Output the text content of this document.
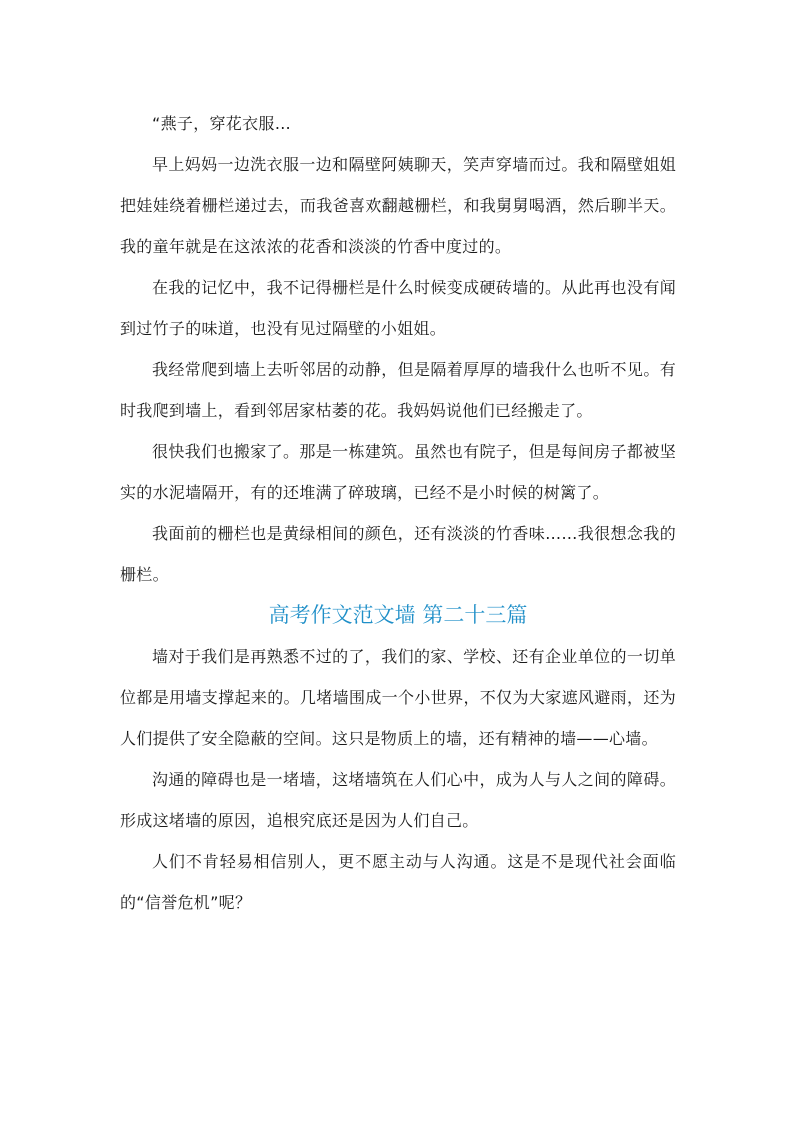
“燕子，穿花衣服…

早上妈妈一边洗衣服一边和隔壁阿姨聊天，笑声穿墙而过。我和隔壁姐姐把娃娃绕着栅栏递过去，而我爸喜欢翻越栅栏，和我舅舅喝酒，然后聊半天。我的童年就是在这浓浓的花香和淡淡的竹香中度过的。

在我的记忆中，我不记得栅栏是什么时候变成硬砖墙的。从此再也没有闻到过竹子的味道，也没有见过隔壁的小姐姐。

我经常爬到墙上去听邻居的动静，但是隔着厚厚的墙我什么也听不见。有时我爬到墙上，看到邻居家枯萎的花。我妈妈说他们已经搬走了。

很快我们也搬家了。那是一栋建筑。虽然也有院子，但是每间房子都被坚实的水泥墙隔开，有的还堆满了碎玻璃，已经不是小时候的树篱了。

我面前的栅栏也是黄绿相间的颜色，还有淡淡的竹香味……我很想念我的栅栏。

高考作文范文墙 第二十三篇

墙对于我们是再熟悉不过的了，我们的家、学校、还有企业单位的一切单位都是用墙支撑起来的。几堵墙围成一个小世界，不仅为大家遮风避雨，还为人们提供了安全隐蔽的空间。这只是物质上的墙，还有精神的墙——心墙。

沟通的障碍也是一堵墙，这堵墙筑在人们心中，成为人与人之间的障碍。形成这堵墙的原因，追根究底还是因为人们自己。

人们不肯轻易相信别人，更不愿主动与人沟通。这是不是现代社会面临的“信誉危机”呢？
